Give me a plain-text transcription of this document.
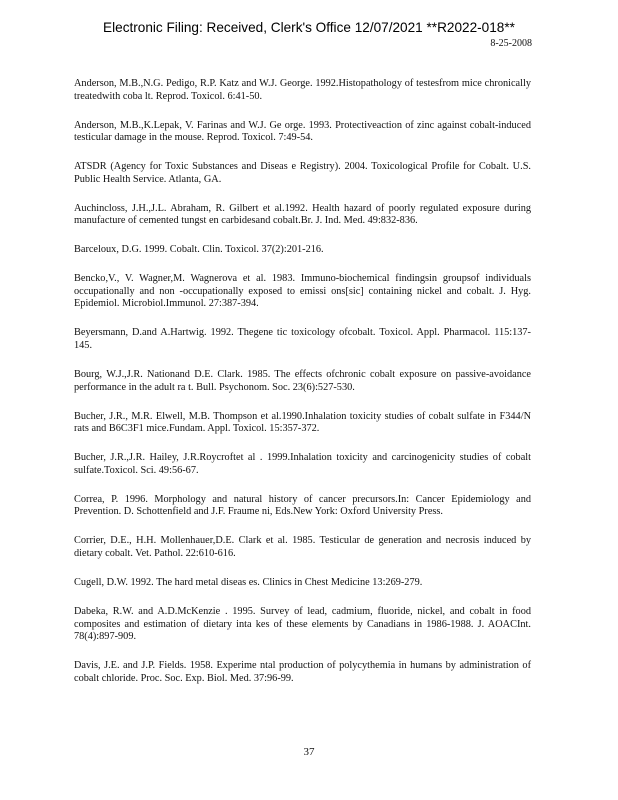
Electronic Filing: Received, Clerk's Office 12/07/2021 **R2022-018**
8-25-2008

Anderson, M.B.,N.G. Pedigo, R.P. Katz and W.J. George. 1992.Histopathology of testesfrom mice chronically treatedwith coba lt. Reprod. Toxicol. 6:41-50.

Anderson, M.B.,K.Lepak, V. Farinas and W.J. Ge orge. 1993. Protectiveaction of zinc against cobalt-induced testicular damage in the mouse. Reprod. Toxicol. 7:49-54.

ATSDR (Agency for Toxic Substances and Diseas e Registry). 2004. Toxicological Profile for Cobalt. U.S. Public Health Service. Atlanta, GA.

Auchincloss, J.H.,J.L. Abraham, R. Gilbert et al.1992. Health hazard of poorly regulated exposure during manufacture of cemented tungst en carbidesand cobalt.Br. J. Ind. Med. 49:832-836.

Barceloux, D.G. 1999. Cobalt. Clin. Toxicol. 37(2):201-216.

Bencko,V., V. Wagner,M. Wagnerova et al. 1983. Immuno-biochemical findingsin groupsof individuals occupationally and non -occupationally exposed to emissi ons[sic] containing nickel and cobalt. J. Hyg. Epidemiol. Microbiol.Immunol. 27:387-394.

Beyersmann, D.and A.Hartwig. 1992. Thegene tic toxicology ofcobalt. Toxicol. Appl. Pharmacol. 115:137-145.

Bourg, W.J.,J.R. Nationand D.E. Clark. 1985. The effects ofchronic cobalt exposure on passive-avoidance performance in the adult ra t. Bull. Psychonom. Soc. 23(6):527-530.

Bucher, J.R., M.R. Elwell, M.B. Thompson et al.1990.Inhalation toxicity studies of cobalt sulfate in F344/N rats and B6C3F1 mice.Fundam. Appl. Toxicol. 15:357-372.

Bucher, J.R.,J.R. Hailey, J.R.Roycroftet al . 1999.Inhalation toxicity and carcinogenicity studies of cobalt sulfate.Toxicol. Sci. 49:56-67.

Correa, P. 1996. Morphology and natural history of cancer precursors.In: Cancer Epidemiology and Prevention. D. Schottenfield and J.F. Fraume ni, Eds.New York: Oxford University Press.

Corrier, D.E., H.H. Mollenhauer,D.E. Clark et al. 1985. Testicular de generation and necrosis induced by dietary cobalt. Vet. Pathol. 22:610-616.

Cugell, D.W. 1992. The hard metal diseas es. Clinics in Chest Medicine 13:269-279.

Dabeka, R.W. and A.D.McKenzie . 1995. Survey of lead, cadmium, fluoride, nickel, and cobalt in food composites and estimation of dietary inta kes of these elements by Canadians in 1986-1988. J. AOACInt. 78(4):897-909.

Davis, J.E. and J.P. Fields. 1958. Experime ntal production of polycythemia in humans by administration of cobalt chloride. Proc. Soc. Exp. Biol. Med. 37:96-99.

37
